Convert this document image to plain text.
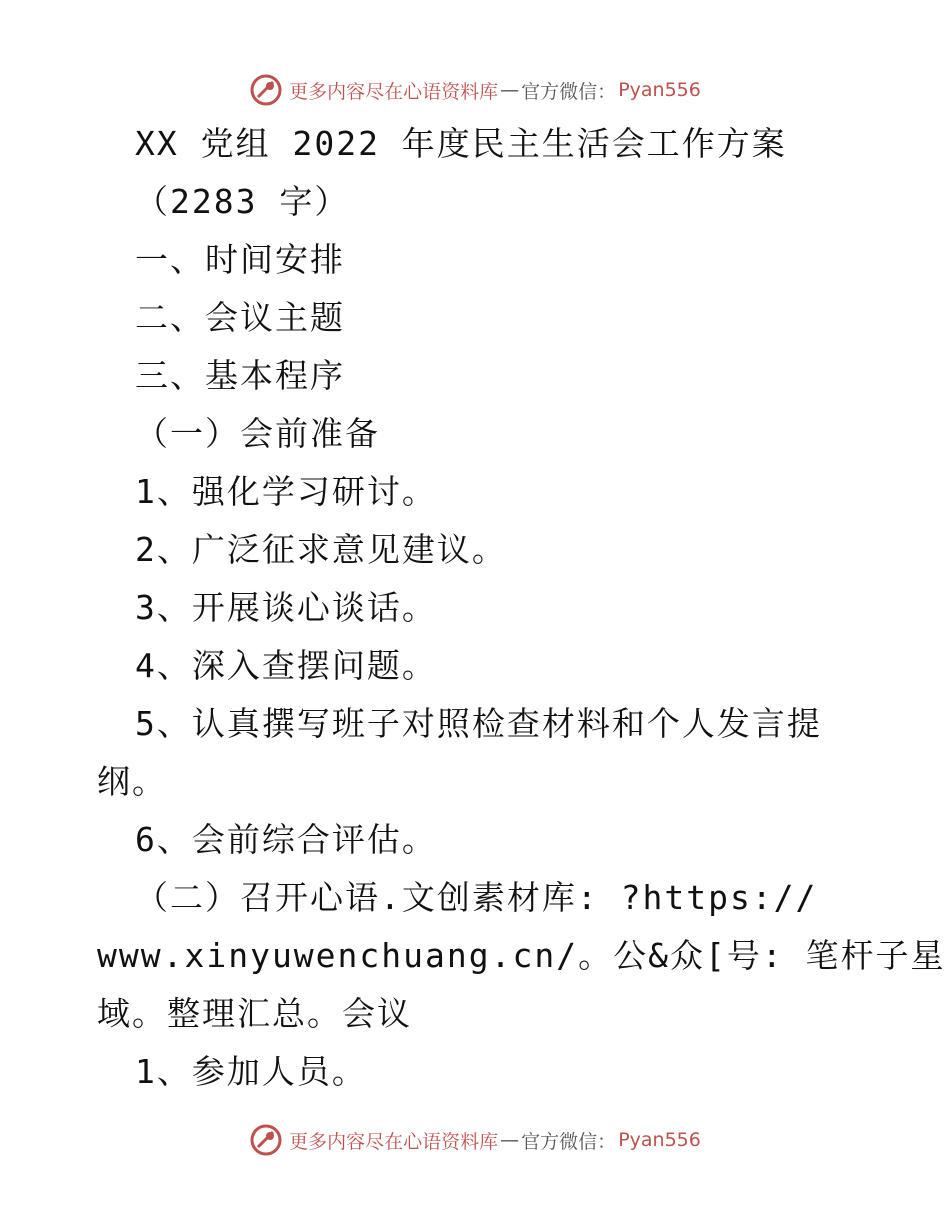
更多内容尽在心语资料库 — 官方微信： Pyan556
XX 党组 2022 年度民主生活会工作方案
（2283 字）
一、时间安排
二、会议主题
三、基本程序
（一）会前准备
1、强化学习研讨。
2、广泛征求意见建议。
3、开展谈心谈话。
4、深入查摆问题。
5、认真撰写班子对照检查材料和个人发言提
纲。
6、会前综合评估。
（二）召开心语.文创素材库: ?https://
www.xinyuwenchuang.cn/。公&众[号: 笔杆子星
域。整理汇总。会议
1、参加人员。
更多内容尽在心语资料库 — 官方微信： Pyan556
